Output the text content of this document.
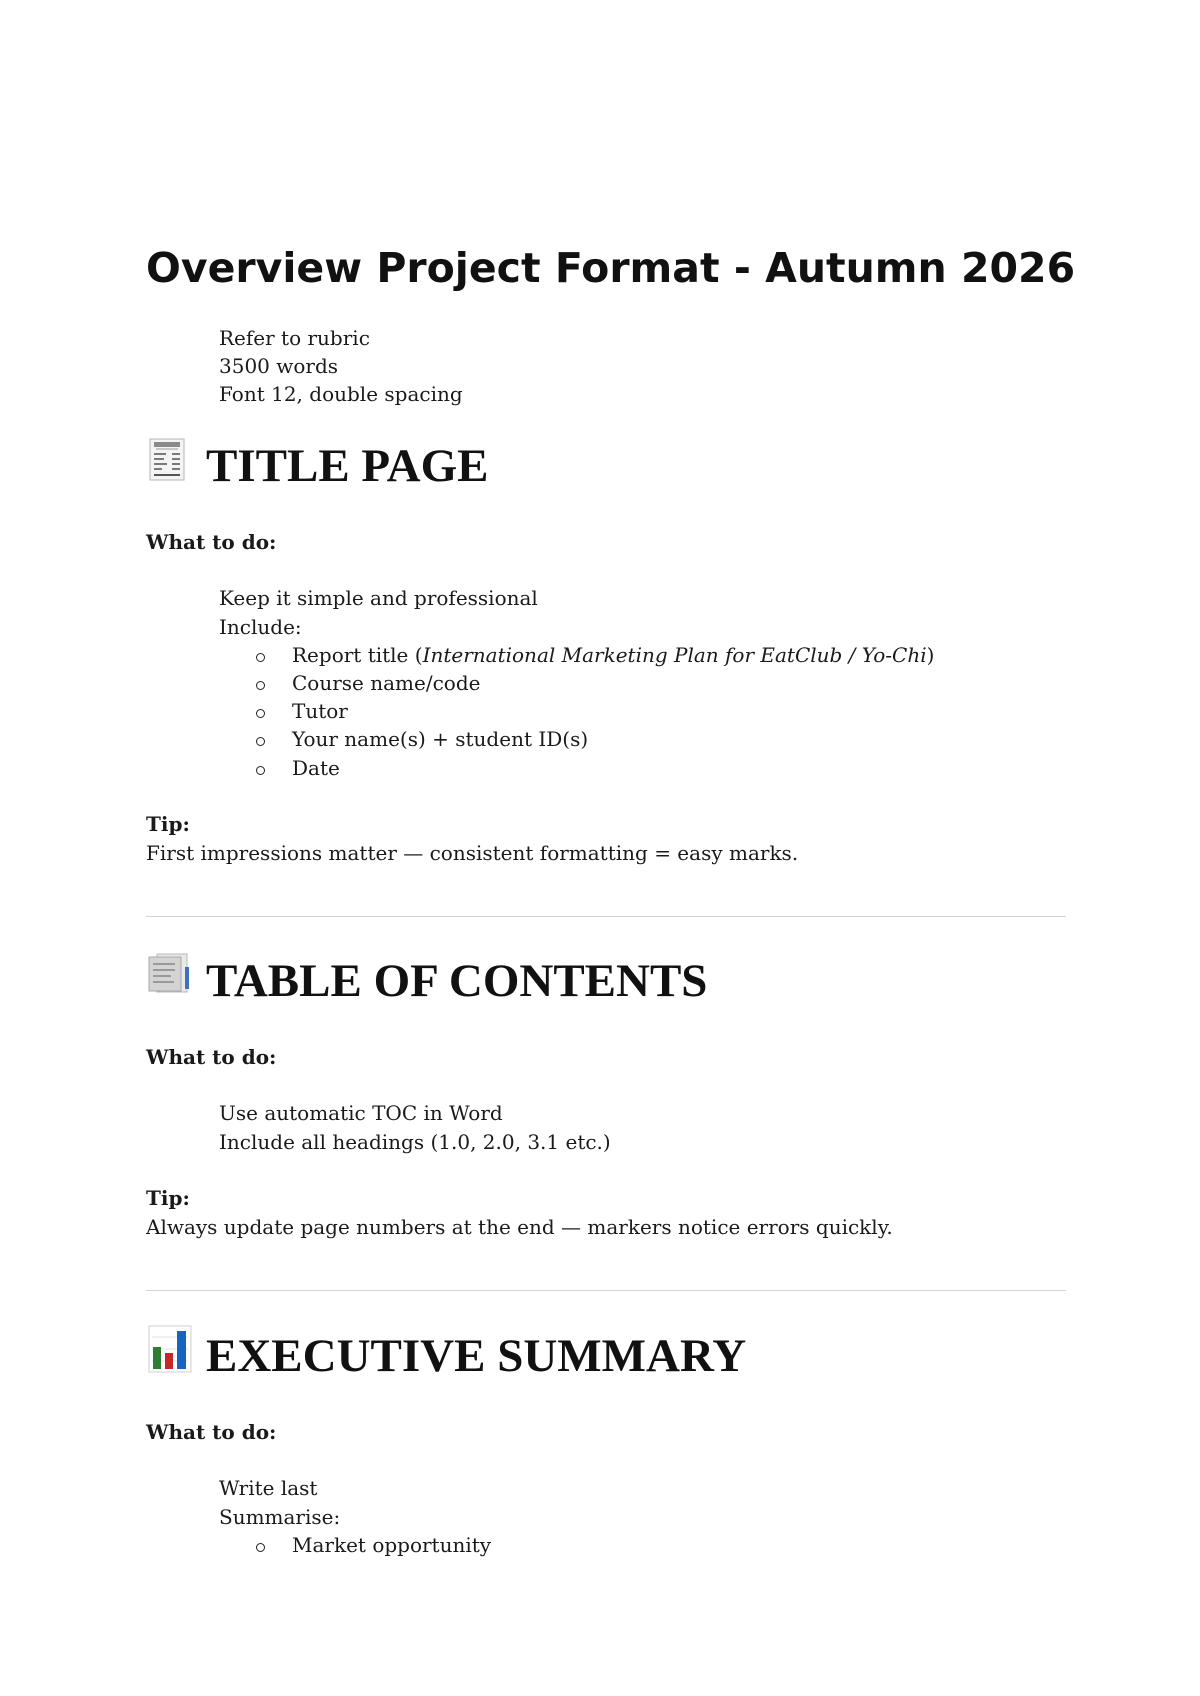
Overview Project Format - Autumn 2026
Refer to rubric
3500 words
Font 12, double spacing
TITLE PAGE
What to do:
Keep it simple and professional
Include:
Report title (International Marketing Plan for EatClub / Yo-Chi)
Course name/code
Tutor
Your name(s) + student ID(s)
Date
Tip:
First impressions matter — consistent formatting = easy marks.
TABLE OF CONTENTS
What to do:
Use automatic TOC in Word
Include all headings (1.0, 2.0, 3.1 etc.)
Tip:
Always update page numbers at the end — markers notice errors quickly.
EXECUTIVE SUMMARY
What to do:
Write last
Summarise:
Market opportunity
